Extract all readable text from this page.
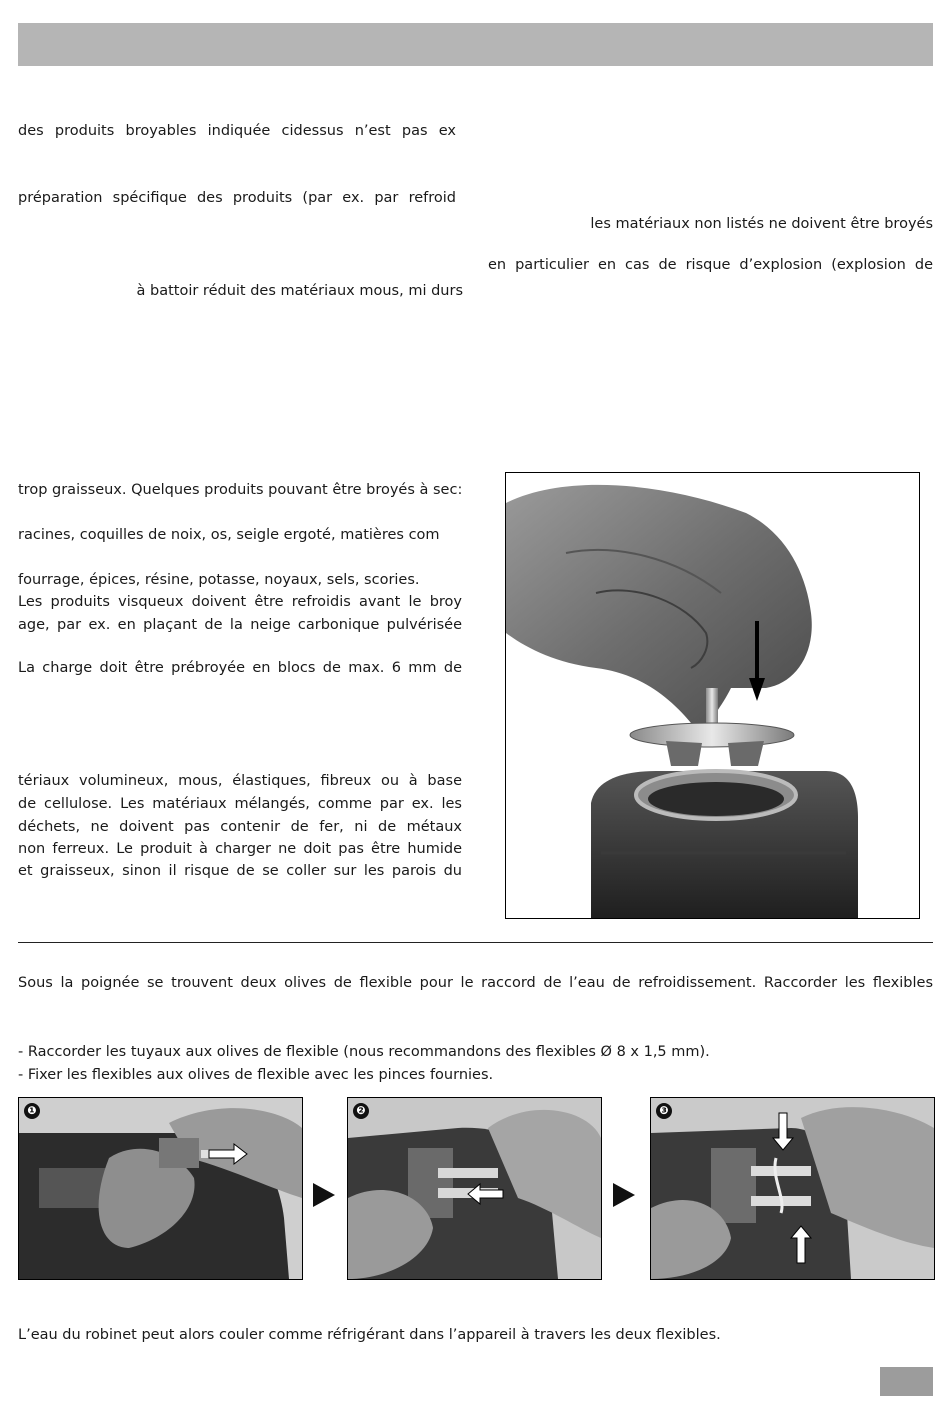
des produits broyables indiquée cidessus n’est pas ex
préparation spécifique des produits (par ex. par refroid
les matériaux non listés ne doivent être broyés
en particulier en cas de risque d’explosion (explosion de
à battoir réduit des matériaux mous, mi durs
trop graisseux. Quelques produits pouvant être broyés à sec:
racines, coquilles de noix, os, seigle ergoté, matières com
fourrage, épices, résine, potasse, noyaux, sels, scories.
Les produits visqueux doivent être refroidis avant le broy
age, par ex. en plaçant de la neige carbonique pulvérisée
La charge doit être prébroyée en blocs de max. 6 mm de
tériaux volumineux, mous, élastiques, fibreux ou à base
de cellulose. Les matériaux mélangés, comme par ex. les
déchets, ne doivent pas contenir de fer, ni de métaux
non ferreux. Le produit à charger ne doit pas être humide
et graisseux, sinon il risque de se coller sur les parois du
Sous la poignée se trouvent deux olives de flexible pour le raccord de l’eau de refroidissement. Raccorder les flexibles
- Raccorder les tuyaux aux olives de flexible (nous recommandons des flexibles Ø 8 x 1,5 mm).
- Fixer les flexibles aux olives de flexible avec les pinces fournies.
❶	❷	❸
L’eau du robinet peut alors couler comme réfrigérant dans l’appareil à travers les deux flexibles.
